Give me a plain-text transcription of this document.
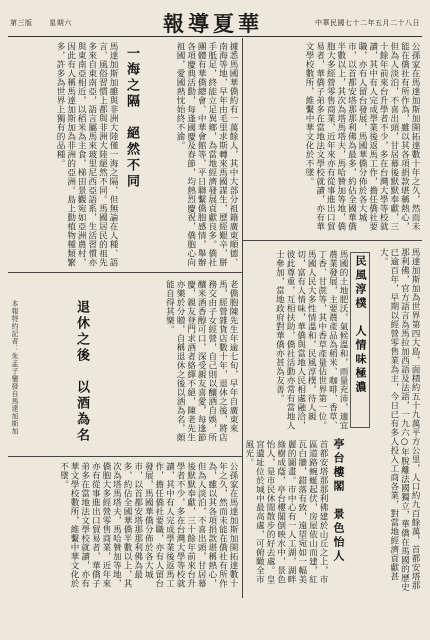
第三版 星期六	報導夏華	中華民國七十二年五月二十八日
公孫家在馬達加斯加開拓達數十年之久，然而未能在僑社有所作為，雖以其各項捐款堪稱熱心，但為人淡泊，不喜出頭，甘居幕後默默奉獻，三十餘年前來台升學者不少，多在台灣大學等校就讀，其中有人完成學業後返馬工作，擔任僑社要職，亦有人留台發展，馬國華僑分佈於各大城市，以首都安塔那那利佛為最多，約佔全國華僑半數以上，其次為塔馬塔夫，馬哈贊加等地，僑胞大多經營零售商業，近年來亦有從事進出口貿易者，華僑子弟多在當地法文學校就讀，亦有華文學校數所，維繫中華文化於不墜。
馬達加斯加為世界第四大島，面積約五十九萬平方公里，人口約九百餘萬，首都安塔那那利佛，官方語言為馬拉加西語及法語，一九六○年脫離法國獨立，華僑在馬國的歷史已逾百年，早期以經營零售業為主，今日已有多人投入工商各業，對當地經濟貢獻甚大。
民風淳樸　人情味極濃
馬國的土地肥沃，氣候溫和，雨量充沛，適宜農業發展，主要農產品為稻米、咖啡、香草、丁香、甘蔗等，其中香草產量佔世界第一位。馬國人民大多性情溫和，民風淳樸，待人親切，富有人情味，華僑與當地人民相處融洽，彼此尊重，互相扶助，僑社活動亦常有當地人士參加，當地政府對華僑亦甚為友善。
亭台樓閣　景色怡人
首都安塔那那利佛建於山丘之上，市區道路蜿蜒起伏，房屋依山而建，紅瓦白牆，錯落有致，遠望宛如一幅美麗的圖畫。市中心有一人工湖，湖畔綠樹成蔭，亭台樓閣倒映水中，景色怡人，是市民休閒散步的好去處。皇宮遺址位於城中最高處，可俯瞰全市風光。
據悉馬國華僑約有一萬餘人，其中大部分祖籍廣東順德、南海等地，早年由毛里求斯轉來馬國謀生，歷經艱辛，胼手胝足，終能立足異鄉，為當地經濟發展貢獻良多。僑社團體有華僑總會、中華會館等，平日聯繫僑胞感情，舉辦各項慶典活動，每逢國慶及春節，均熱烈慶祝，僑胞心向祖國，愛國熱忱始終不渝。
一海之隔　絕然不同
馬達加斯加雖與非洲大陸僅一海之隔，但無論在人種、語言、風俗習慣上都與非洲大陸絕然不同。馬國居民的祖先多來自東南亞，語言屬馬來玻里尼西亞語系，生活習慣亦與東南亞相近，以稻米為主食，梯田景觀宛如亞洲農村，因此有人稱馬達加斯加為非洲的亞洲。島上動植物種類繁多，許多為世界上獨有的品種。
老僑胞陳先生年逾七旬，早年自廣東來馬，經營雜貨店數十年，退休之後，將店務交由子女經營，自己則以釀酒自娛，所釀米酒香醇可口，深受親友喜愛，每逢節慶，親友登門求酒者絡繹不絕，陳老先生亦樂於分贈，自稱退休之後以酒為名，頗能自得其樂。
退休之後　以酒為名
本報特約記者：朱孟子鑾發自馬達加斯加
公孫家在馬達加斯加開拓達數十年之久，然而未能在僑社有所作為，雖以其各項捐款堪稱熱心，但為人淡泊，不喜出頭，甘居幕後默默奉獻，三十餘年前來台升學者不少，多在台灣大學等校就讀，其中有人完成學業後返馬工作，擔任僑社要職，亦有人留台發展，馬國華僑分佈於各大城市，以首都安塔那那利佛為最多，約佔全國華僑半數以上，其次為塔馬塔夫，馬哈贊加等地，僑胞大多經營零售商業，近年來亦有從事進出口貿易者，華僑子弟多在當地法文學校就讀，亦有華文學校數所，維繫中華文化於不墜。
